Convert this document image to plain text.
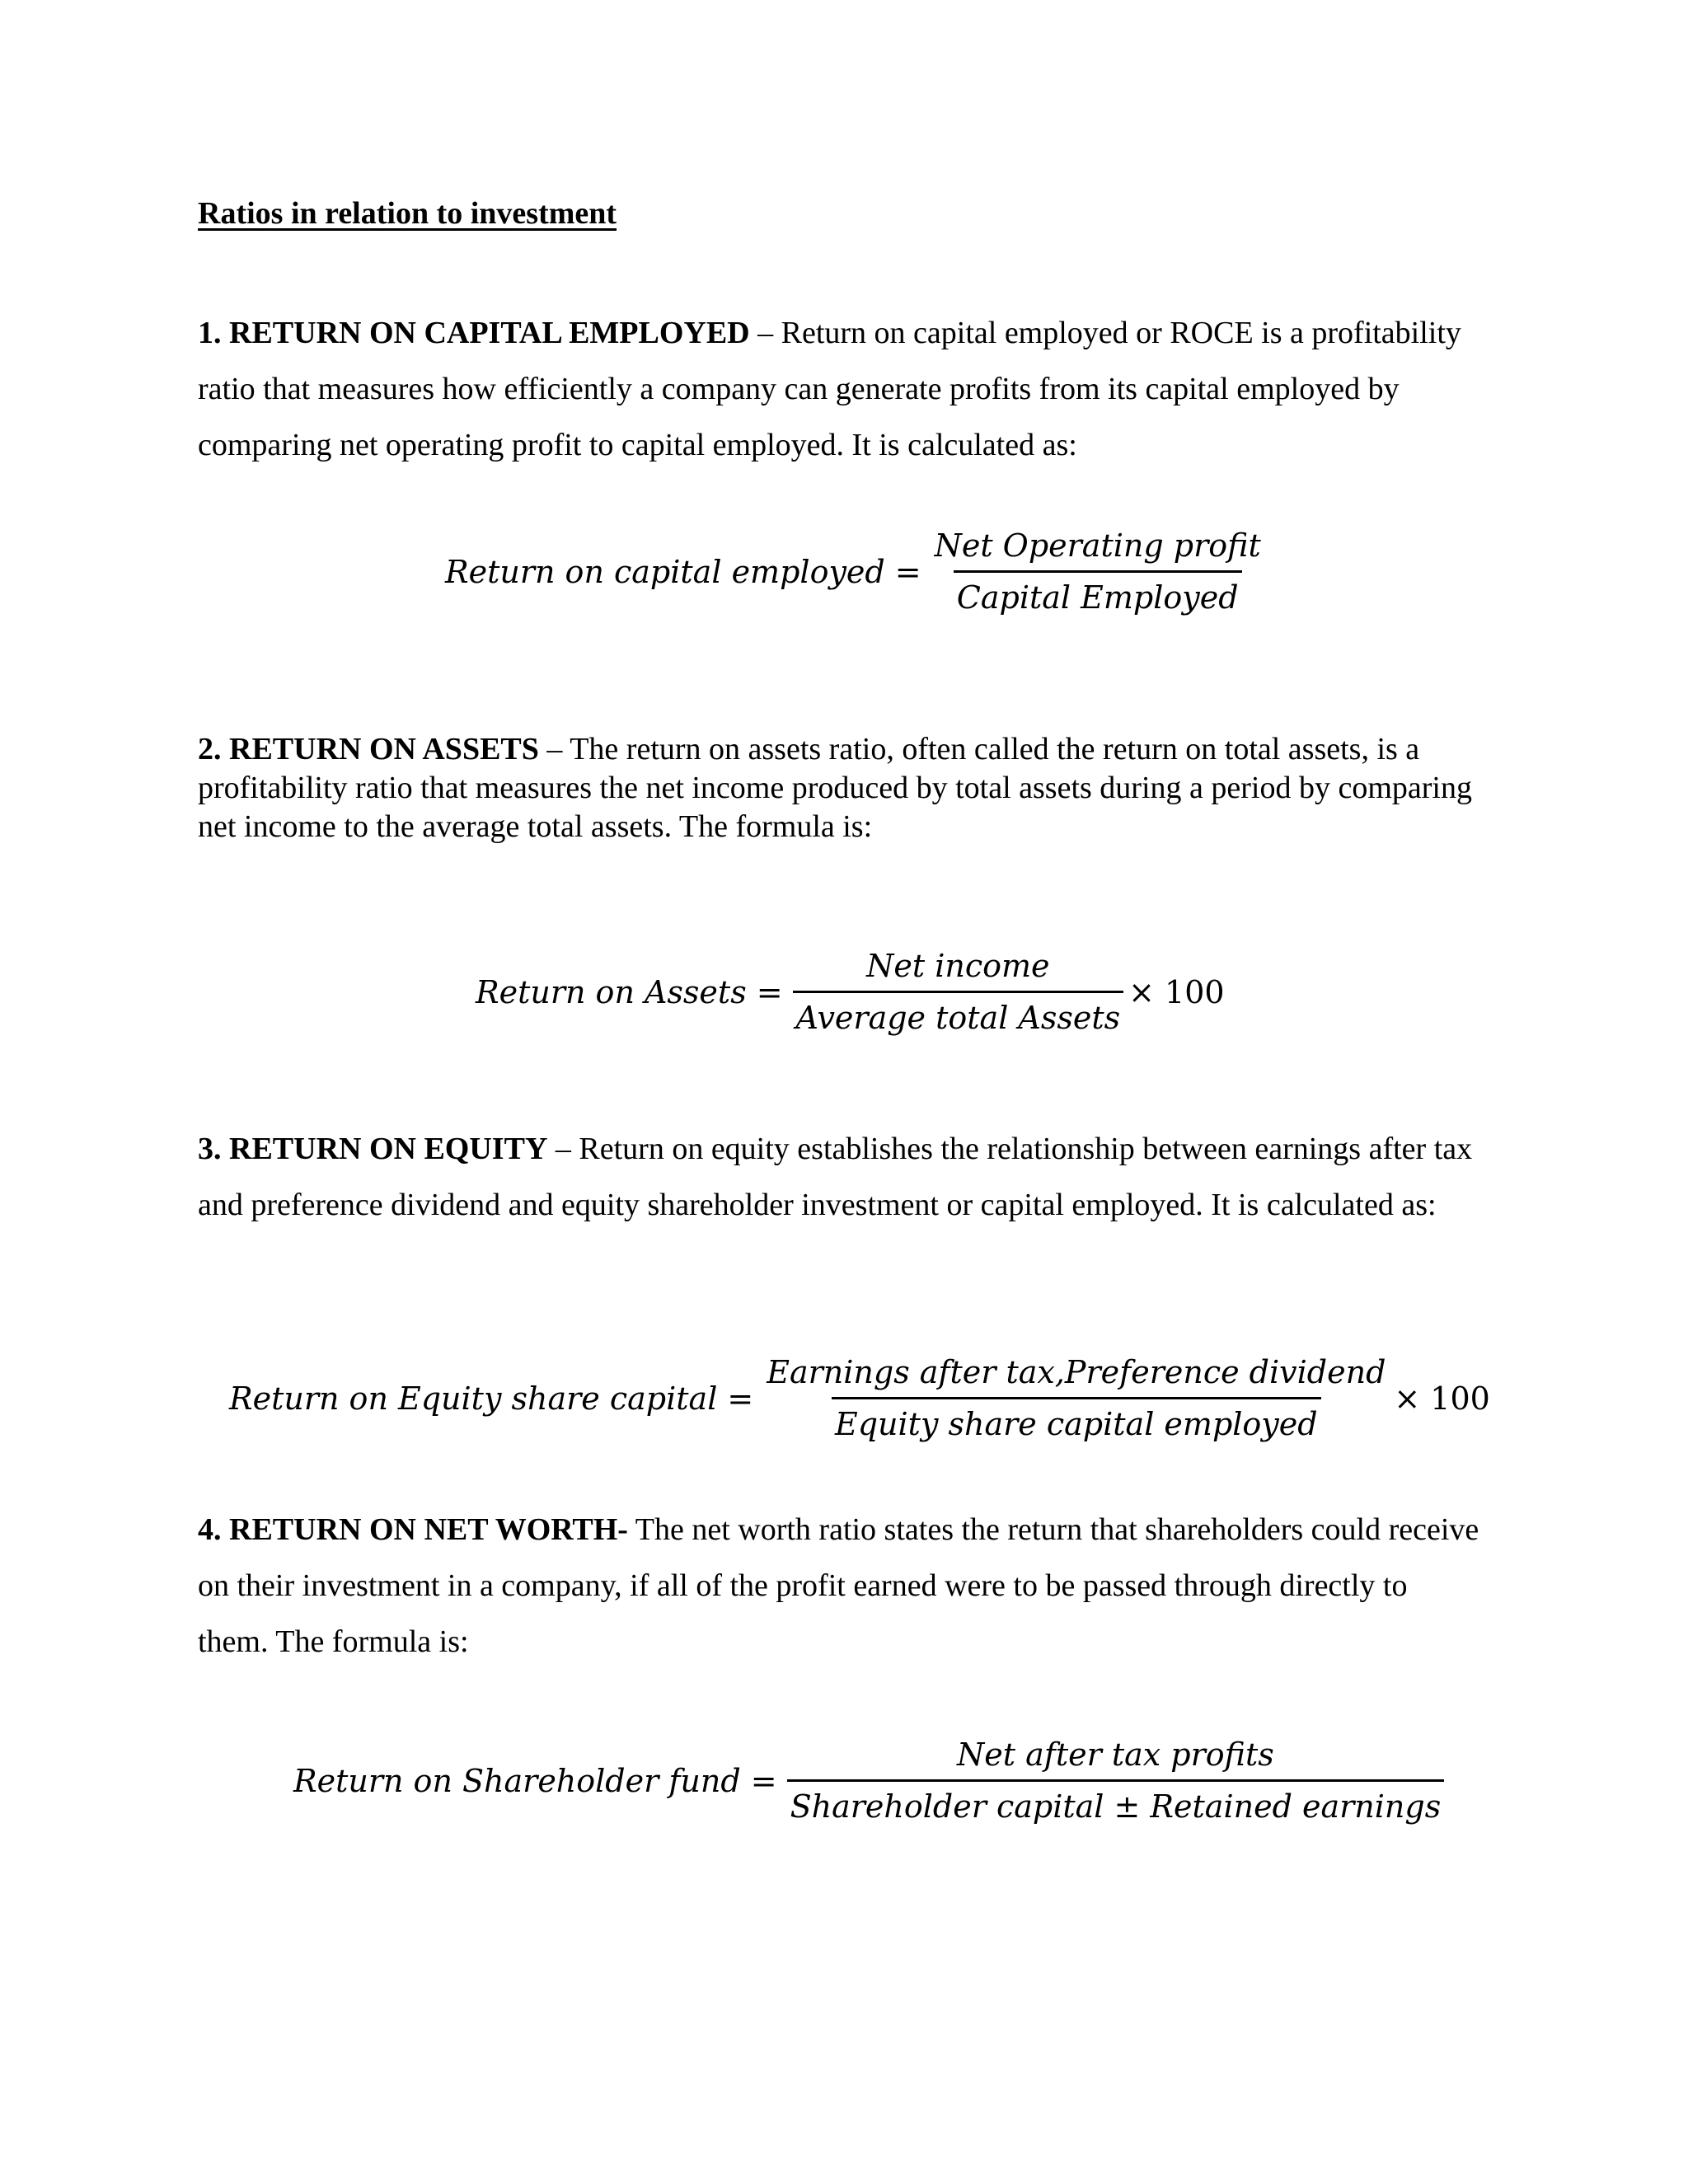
Ratios in relation to investment
1. RETURN ON CAPITAL EMPLOYED – Return on capital employed or ROCE is a profitability ratio that measures how efficiently a company can generate profits from its capital employed by comparing net operating profit to capital employed. It is calculated as:
Return on capital employed = $\frac{\text{Net Operating profit}}{\text{Capital Employed}}$
2. RETURN ON ASSETS – The return on assets ratio, often called the return on total assets, is a profitability ratio that measures the net income produced by total assets during a period by comparing net income to the average total assets. The formula is:
Return on Assets = $\frac{\text{Net income}}{\text{Average total Assets}} \times 100$
3. RETURN ON EQUITY – Return on equity establishes the relationship between earnings after tax and preference dividend and equity shareholder investment or capital employed. It is calculated as:
Return on Equity share capital = $\frac{\text{Earnings after tax,Preference dividend}}{\text{Equity share capital employed}} \times 100$
4. RETURN ON NET WORTH- The net worth ratio states the return that shareholders could receive on their investment in a company, if all of the profit earned were to be passed through directly to them. The formula is:
Return on Shareholder fund = $\frac{\text{Net after tax profits}}{\text{Shareholder capital ± Retained earnings}}$
